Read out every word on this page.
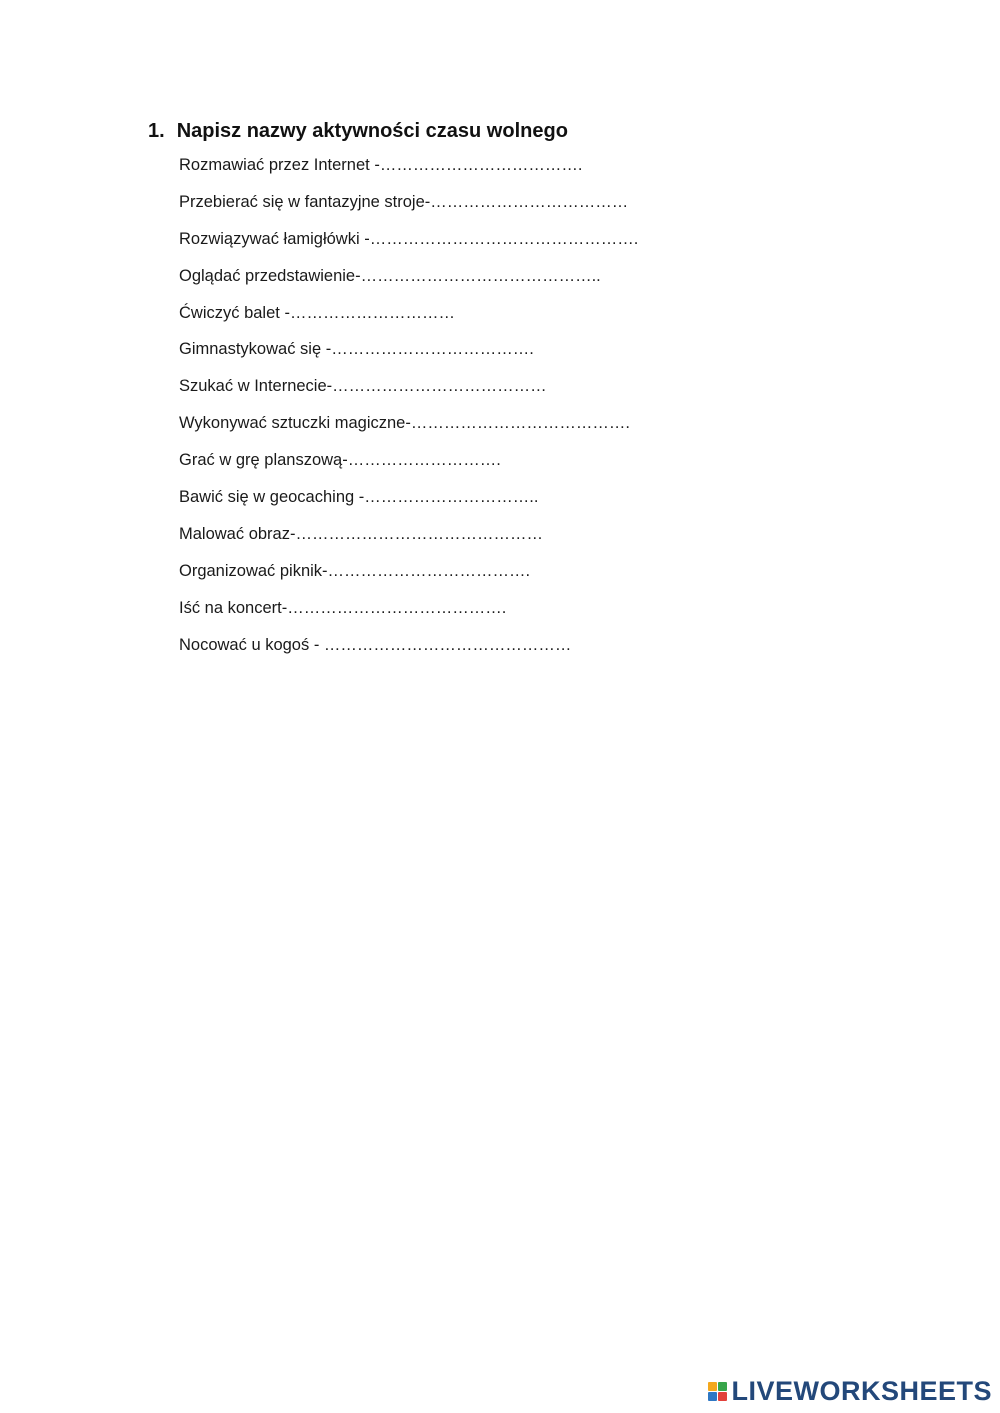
1. Napisz nazwy aktywności czasu wolnego
Rozmawiać przez Internet -……………………………….
Przebierać się w fantazyjne stroje-………………………………
Rozwiązywać łamigłówki -………………………………………….
Oglądać przedstawienie-……………………………………..
Ćwiczyć balet -…………………………
Gimnastykować się -……………………………….
Szukać w Internecie-…………………………………
Wykonywać sztuczki magiczne-………………………………….
Grać w grę planszową-……………………….
Bawić się w geocaching -…………………………..
Malować obraz-………………………………………
Organizować piknik-……………………………….
Iść na koncert-………………………………….
Nocować u kogoś - ………………………………………
LIVEWORKSHEETS
